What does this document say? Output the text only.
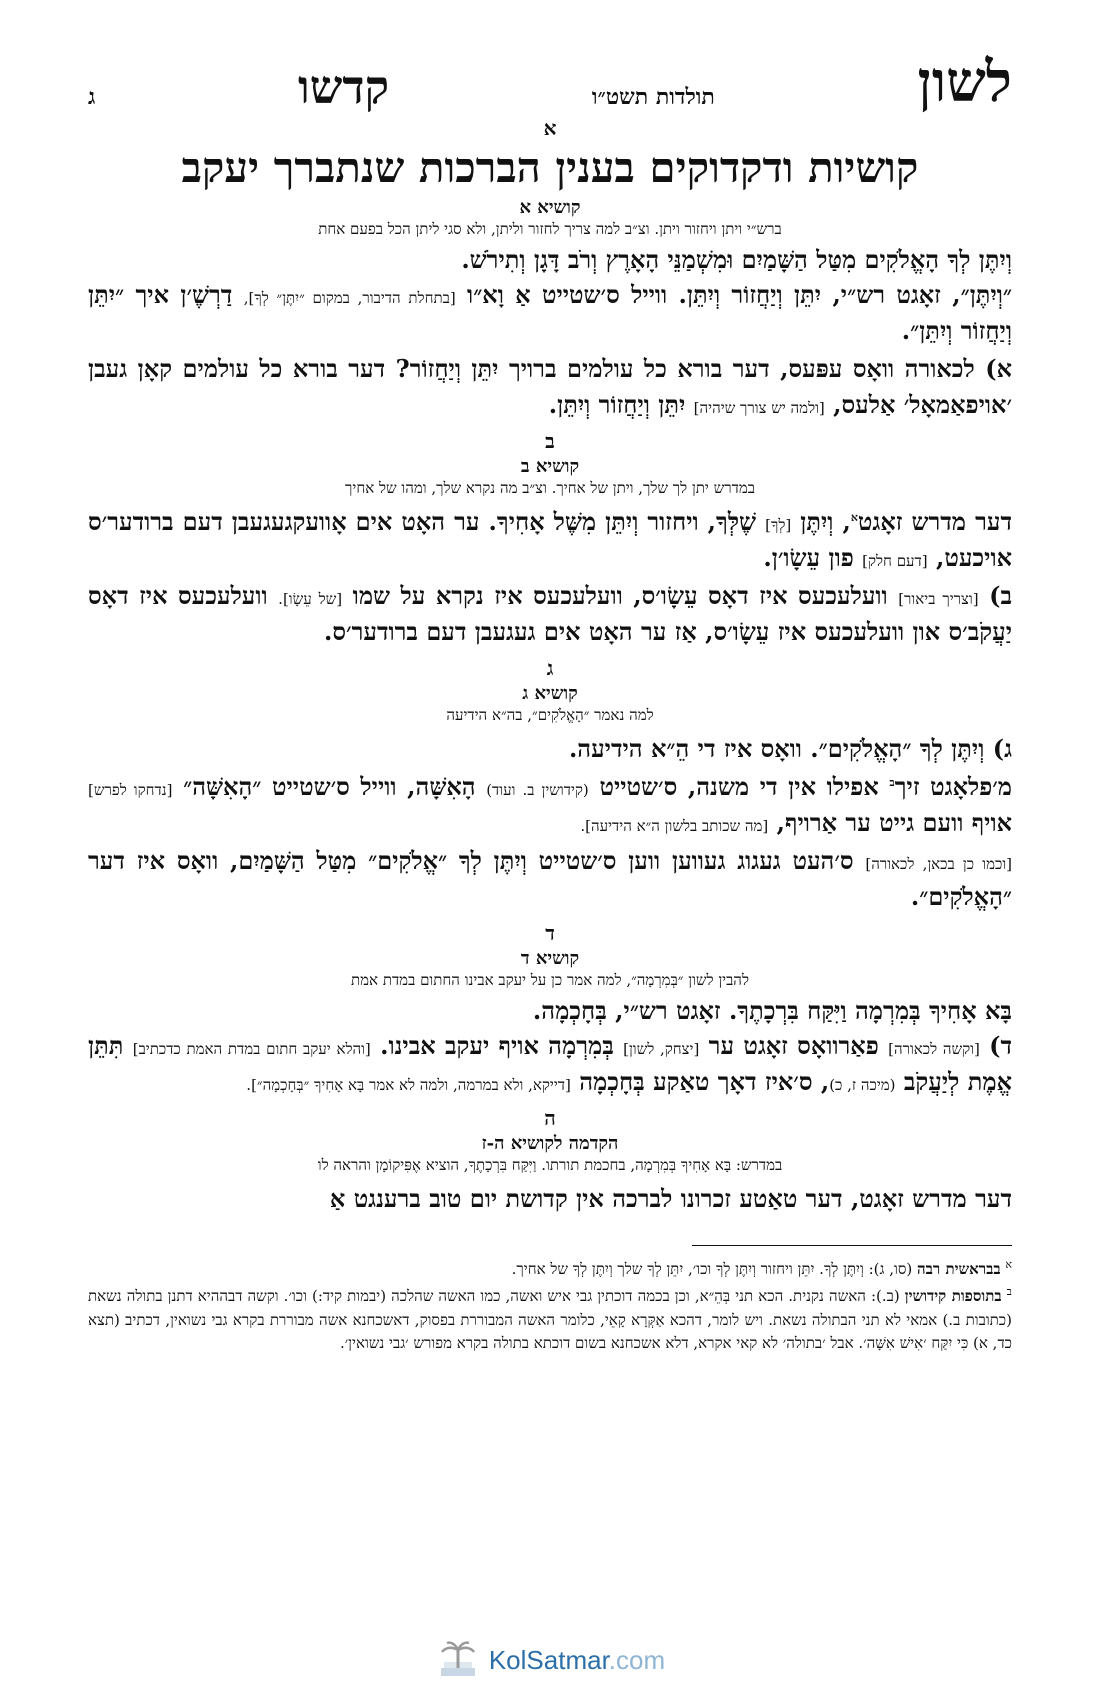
לשון
תולדות תשט״ו
קדשו
ג
א
קושיות ודקדוקים בענין הברכות שנתברך יעקב
קושיא א
ברש״י ויתן ויחזור ויתן. וצ״ב למה צריך לחזור וליתן, ולא סגי ליתן הכל בפעם אחת
וְיִתֶּן לְךָ הָאֱלֹקִים מִטַּל הַשָּׁמַיִם וּמִשְׁמַנֵּי הָאָרֶץ וְרֹב דָּגָן וְתִירֹשׁ.
״וְיִתֶּן״, זאָגט רש״י, יִתֵּן וְיַחֲזוֹר וְיִתֵּן. ווייל ס׳שטייט אַ וָא״ו [בתחלת הדיבור, במקום ״יִתֶּן״ לְךָ], דַרְשֶׁ׳ן איך ״יִתֵּן וְיַחֲזוֹר וְיִתֵּן״.
א) לכאורה וואָס עפּעס, דער בורא כל עולמים ברויך יִתֵּן וְיַחֲזוֹר? דער בורא כל עולמים קאָן געבן ׳אויפאַמאָל׳ אַלעס, [ולמה יש צורך שיהיה] יִתֵּן וְיַחֲזוֹר וְיִתֵּן.
ב
קושיא ב
במדרש יתן לך שלך, ויתן של אחיך. וצ״ב מה נקרא שלך, ומהו של אחיך
דער מדרש זאָגט$^א$, וְיִתֶּן [לְךָ] שֶׁלְּךָ, ויחזור וְיִתֵּן מִשֶּׁל אָחִיךָ. ער האָט אים אָוועקגעגעבן דעם ברודער׳ס אויכעט, [דעם חלק] פון עֵשָׂו׳ן.
ב) [וצריך ביאור] וועלעכעס איז דאָס עֵשָׂו׳ס, וועלעכעס איז נקרא על שמו [של עֵשָׂו]. וועלעכעס איז דאָס יַעֲקֹב׳ס און וועלעכעס איז עֵשָׂו׳ס, אַז ער האָט אים געגעבן דעם ברודער׳ס.
ג
קושיא ג
למה נאמר ״הָאֱלֹקִים״, בה״א הידיעה
ג) וְיִתֶּן לְךָ ״הָאֱלֹקִים״. וואָס איז די הֵ״א הידיעה.
מ׳פלאָגט זיך$^ב$ אפילו אין די משנה, ס׳שטייט (קידושין ב. ועוד) הָאִשָּׁה, ווייל ס׳שטייט ״הָאִשָּׁה״ [נדחקו לפרש] אויף וועם גייט ער אַרויף, [מה שכותב בלשון ה״א הידיעה].
[וכמו כן בכאן, לכאורה] ס׳העט געגוג געווען ווען ס׳שטייט וְיִתֶּן לְךָ ״אֱלֹקִים״ מִטַּל הַשָּׁמַיִם, וואָס איז דער ״הָאֱלֹקִים״.
ד
קושיא ד
להבין לשון ״בְּמִרְמָה״, למה אמר כן על יעקב אבינו החתום במדת אמת
בָּא אָחִיךָ בְּמִרְמָה וַיִּקַּח בִּרְכָתֶךָ. זאָגט רש״י, בְּחָכְמָה.
ד) [וקשה לכאורה] פאַרוואָס זאָגט ער [יצחק, לשון] בְּמִרְמָה אויף יעקב אבינו. [והלא יעקב חתום במדת האמת כדכתיב] תִּתֵּן אֱמֶת לְיַעֲקֹב (מיכה ז, כ), ס׳איז דאָך טאַקע בְּחָכְמָה [דייקא, ולא במרמה, ולמה לא אמר בָּא אָחִיךָ ״בְּחָכְמָה״].
ה
הקדמה לקושיא ה-ז
במדרש: בָּא אָחִיךָ בְּמִרְמָה, בחכמת תורתו. וַיִּקַּח בִּרְכָתֶךָ, הוציא אֶפִּיקוֹמָן והראה לו
דער מדרש זאָגט, דער טאַטע זכרונו לברכה אין קדושת יום טוב ברענגט אַ
$^א$ בבראשית רבה (סו, ג): וְיִתֶּן לְךָ. יִתֵּן ויחזור וְיִתֶּן לְךָ וכו׳, יִתֵּן לְךָ שלך וְיִתֶּן לְךָ של אחיך.
$^ב$ בתוספות קידושין (ב.): האשה נקנית. הכא תני בְּהֵ״א, וכן בכמה דוכתין גבי איש ואשה, כמו האשה שהלכה (יבמות קיד:) וכו׳. וקשה דבההיא דתנן בתולה נשאת (כתובות ב.) אמאי לא תני הבתולה נשאת. ויש לומר, דהכא אַקְּרָא קָאֵי, כלומר האשה המבוררת בפסוק, דאשכחנא אשה מבוררת בקרא גבי נשואין, דכתיב (תצא כד, א) כִּי יִקַּח ׳אִישׁ אִשָּׁה׳. אבל ׳בתולה׳ לא קאי אקרא, דלא אשכחנא בשום דוכתא בתולה בקרא מפורש ׳גבי נשואין׳.
KolSatmar.com
